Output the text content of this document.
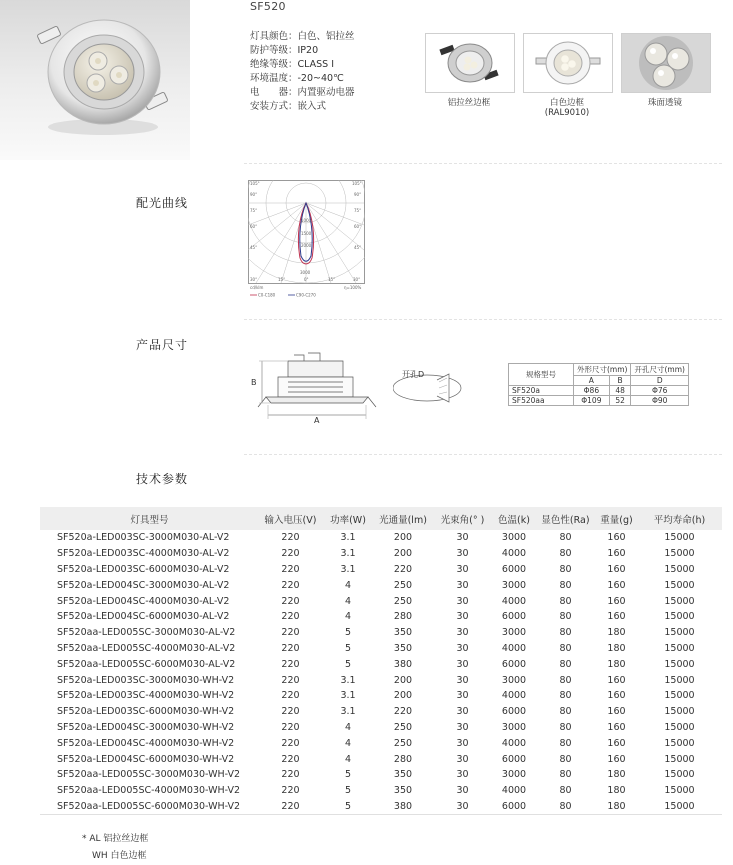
SF520
灯具颜色：白色、铝拉丝
防护等级：IP20
绝缘等级：CLASS I
环境温度：-20~40℃
电　　器：内置驱动电器
安装方式：嵌入式	铝拉丝边框	白色边框
(RAL9010)
珠面透镜
配光曲线
105°
90°
75°
60°
45°
30°
105°
90°
75°
60°
45°
30°
15°	0°	15°
1000
1500
2000
3000
cd/klm	η=100%
C0-C180	C90-C270
产品尺寸
B
A
开孔D	规格型号	外形尺寸(mm)		开孔尺寸(mm)
	A	B	D
SF520a	Φ86	48	Φ76
SF520aa	Φ109	52	Φ90
技术参数
灯具型号	输入电压(V)	功率(W)	光通量(lm)	光束角(° )	色温(k)	显色性(Ra)	重量(g)	平均寿命(h)
SF520a-LED003SC-3000M030-AL-V2	220	3.1	200	30	3000	80	160	15000
SF520a-LED003SC-4000M030-AL-V2	220	3.1	200	30	4000	80	160	15000
SF520a-LED003SC-6000M030-AL-V2	220	3.1	220	30	6000	80	160	15000
SF520a-LED004SC-3000M030-AL-V2	220	4	250	30	3000	80	160	15000
SF520a-LED004SC-4000M030-AL-V2	220	4	250	30	4000	80	160	15000
SF520a-LED004SC-6000M030-AL-V2	220	4	280	30	6000	80	160	15000
SF520aa-LED005SC-3000M030-AL-V2	220	5	350	30	3000	80	180	15000
SF520aa-LED005SC-4000M030-AL-V2	220	5	350	30	4000	80	180	15000
SF520aa-LED005SC-6000M030-AL-V2	220	5	380	30	6000	80	180	15000
SF520a-LED003SC-3000M030-WH-V2	220	3.1	200	30	3000	80	160	15000
SF520a-LED003SC-4000M030-WH-V2	220	3.1	200	30	4000	80	160	15000
SF520a-LED003SC-6000M030-WH-V2	220	3.1	220	30	6000	80	160	15000
SF520a-LED004SC-3000M030-WH-V2	220	4	250	30	3000	80	160	15000
SF520a-LED004SC-4000M030-WH-V2	220	4	250	30	4000	80	160	15000
SF520a-LED004SC-6000M030-WH-V2	220	4	280	30	6000	80	160	15000
SF520aa-LED005SC-3000M030-WH-V2	220	5	350	30	3000	80	180	15000
SF520aa-LED005SC-4000M030-WH-V2	220	5	350	30	4000	80	180	15000
SF520aa-LED005SC-6000M030-WH-V2	220	5	380	30	6000	80	180	15000
* AL 铝拉丝边框
WH 白色边框
